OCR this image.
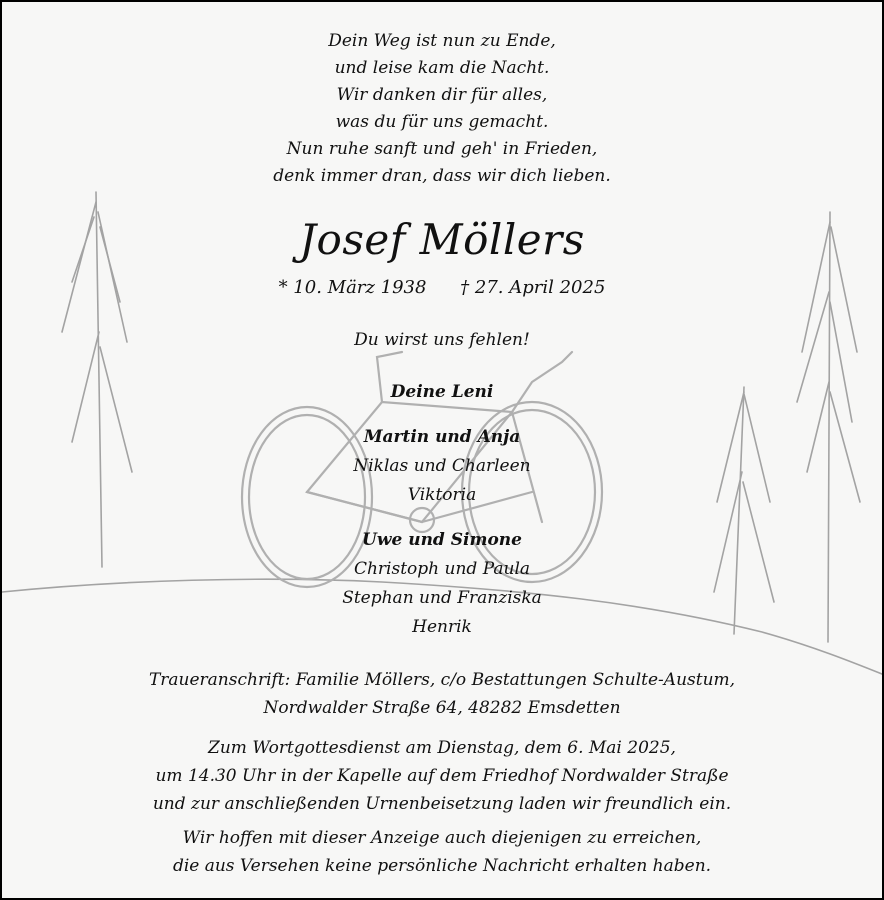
Dein Weg ist nun zu Ende,
und leise kam die Nacht.
Wir danken dir für alles,
was du für uns gemacht.
Nun ruhe sanft und geh' in Frieden,
denk immer dran, dass wir dich lieben.
Josef Möllers
* 10. März 1938 † 27. April 2025
Du wirst uns fehlen!
Deine Leni
Martin und Anja
Niklas und Charleen
Viktoria
Uwe und Simone
Christoph und Paula
Stephan und Franziska
Henrik
Traueranschrift: Familie Möllers, c/o Bestattungen Schulte-Austum,
Nordwalder Straße 64, 48282 Emsdetten
Zum Wortgottesdienst am Dienstag, dem 6. Mai 2025,
um 14.30 Uhr in der Kapelle auf dem Friedhof Nordwalder Straße
und zur anschließenden Urnenbeisetzung laden wir freundlich ein.
Wir hoffen mit dieser Anzeige auch diejenigen zu erreichen,
die aus Versehen keine persönliche Nachricht erhalten haben.
